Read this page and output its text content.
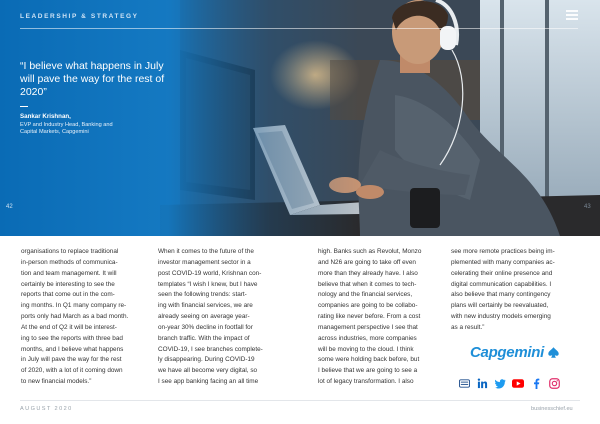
LEADERSHIP & STRATEGY
“I believe what happens in July will pave the way for the rest of 2020”
Sankar Krishnan,
EVP and Industry Head, Banking and Capital Markets, Capgemini
42	43
organisations to replace traditional
in-person methods of communica-
tion and team management. It will
certainly be interesting to see the
reports that come out in the com-
ing months. In Q1 many company re-
ports only had March as a bad month.
At the end of Q2 it will be interest-
ing to see the reports with three bad
months, and I believe what happens
in July will pave the way for the rest
of 2020, with a lot of it coming down
to new financial models.”
When it comes to the future of the
investor management sector in a
post COVID-19 world, Krishnan con-
templates “I wish I knew, but I have
seen the following trends: start-
ing with financial services, we are
already seeing on average year-
on-year 30% decline in footfall for
branch traffic. With the impact of
COVID-19, I see branches complete-
ly disappearing. During COVID-19
we have all become very digital, so
I see app banking facing an all time
high. Banks such as Revolut, Monzo
and N26 are going to take off even
more than they already have. I also
believe that when it comes to tech-
nology and the financial services,
companies are going to be collabo-
rating like never before. From a cost
management perspective I see that
across industries, more companies
will be moving to the cloud. I think
some were holding back before, but
I believe that we are going to see a
lot of legacy transformation. I also
see more remote practices being im-
plemented with many companies ac-
celerating their online presence and
digital communication capabilities. I
also believe that many contingency
plans will certainly be reevaluated,
with new industry models emerging
as a result.”
Capgemini
AUGUST 2020	businesschief.eu
